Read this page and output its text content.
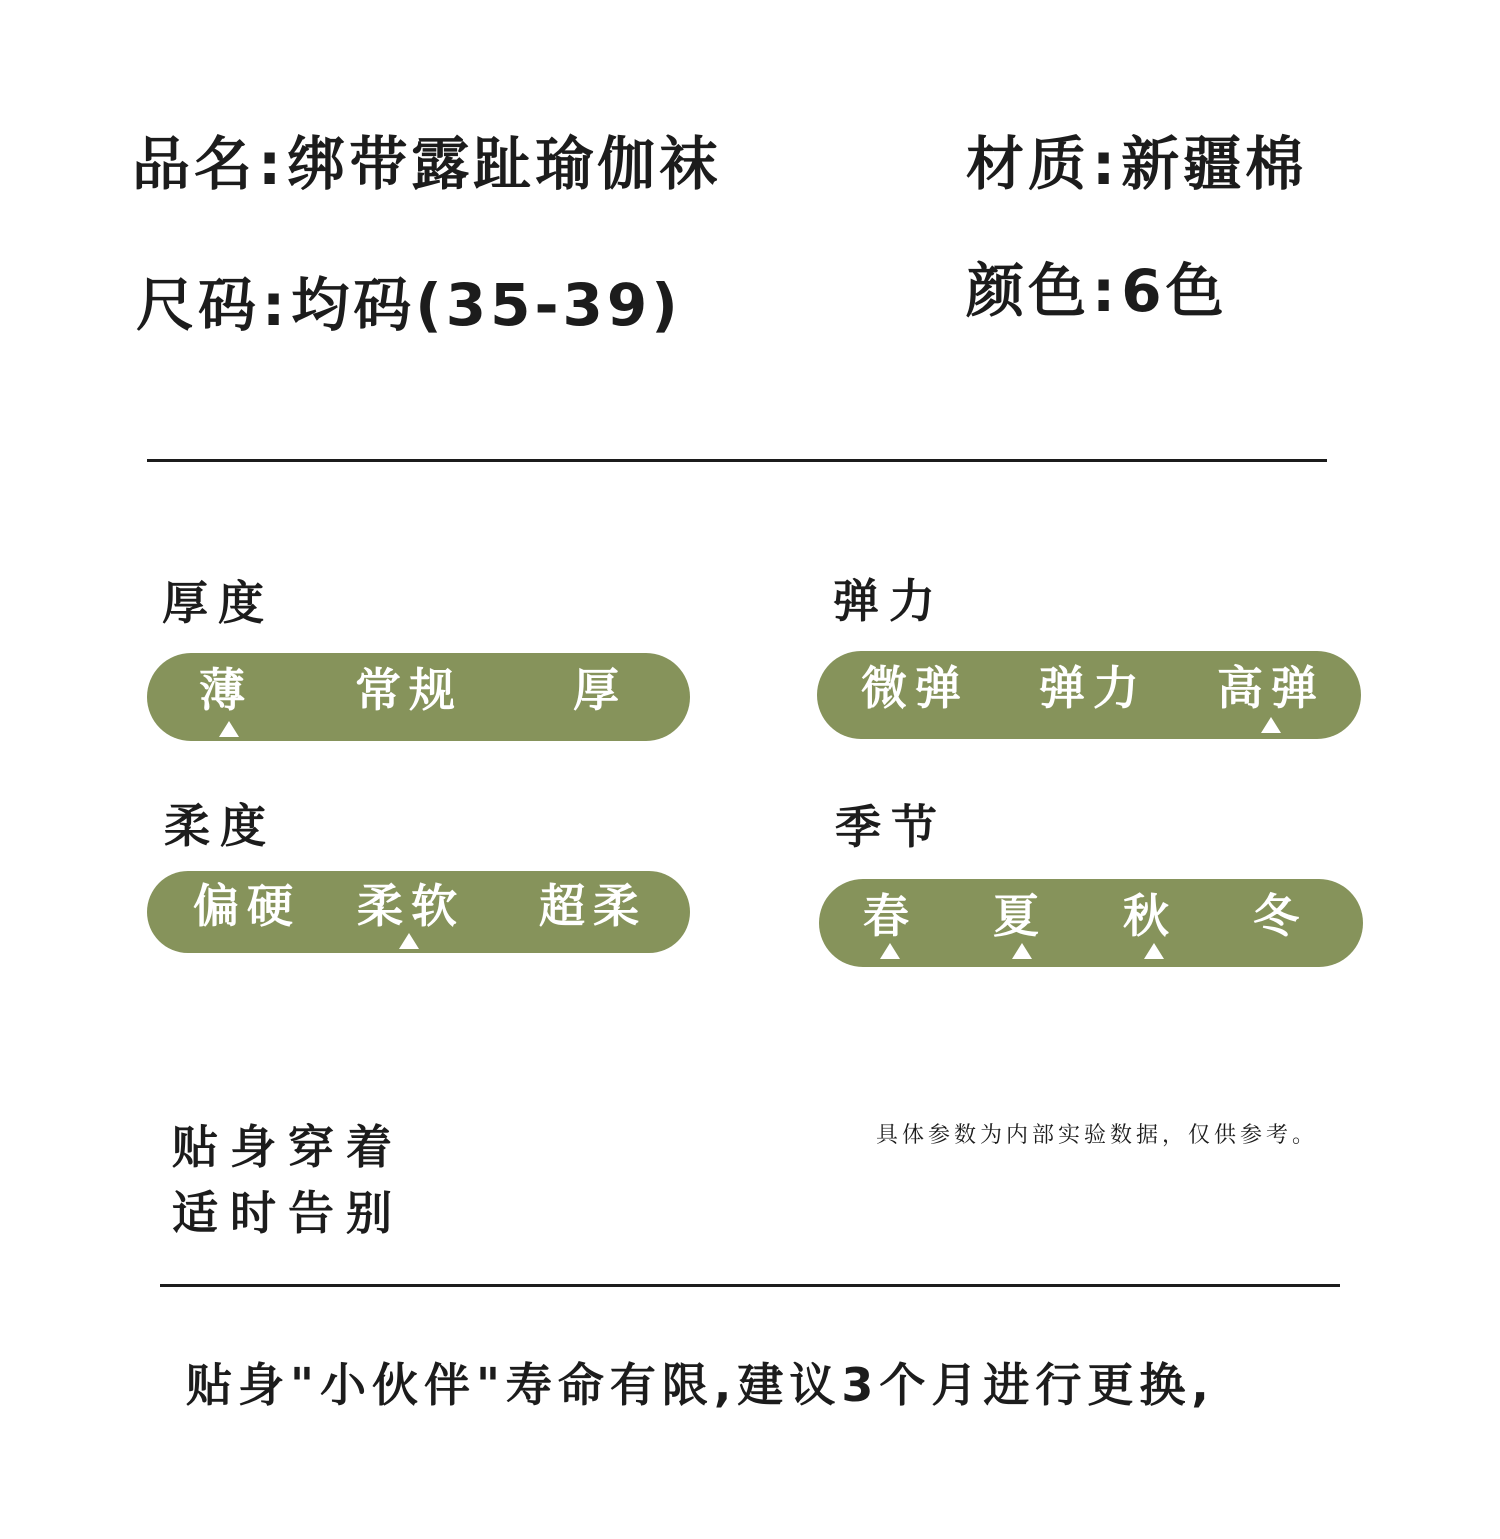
品名:绑带露趾瑜伽袜	材质:新疆棉
尺码:均码(35-39)	颜色:6色
厚度
薄 常规 厚
弹力
微弹 弹力 高弹
柔度
偏硬 柔软 超柔
季节
春 夏 秋 冬
贴身穿着
适时告别
具体参数为内部实验数据，仅供参考。
贴身"小伙伴"寿命有限,建议3个月进行更换,
